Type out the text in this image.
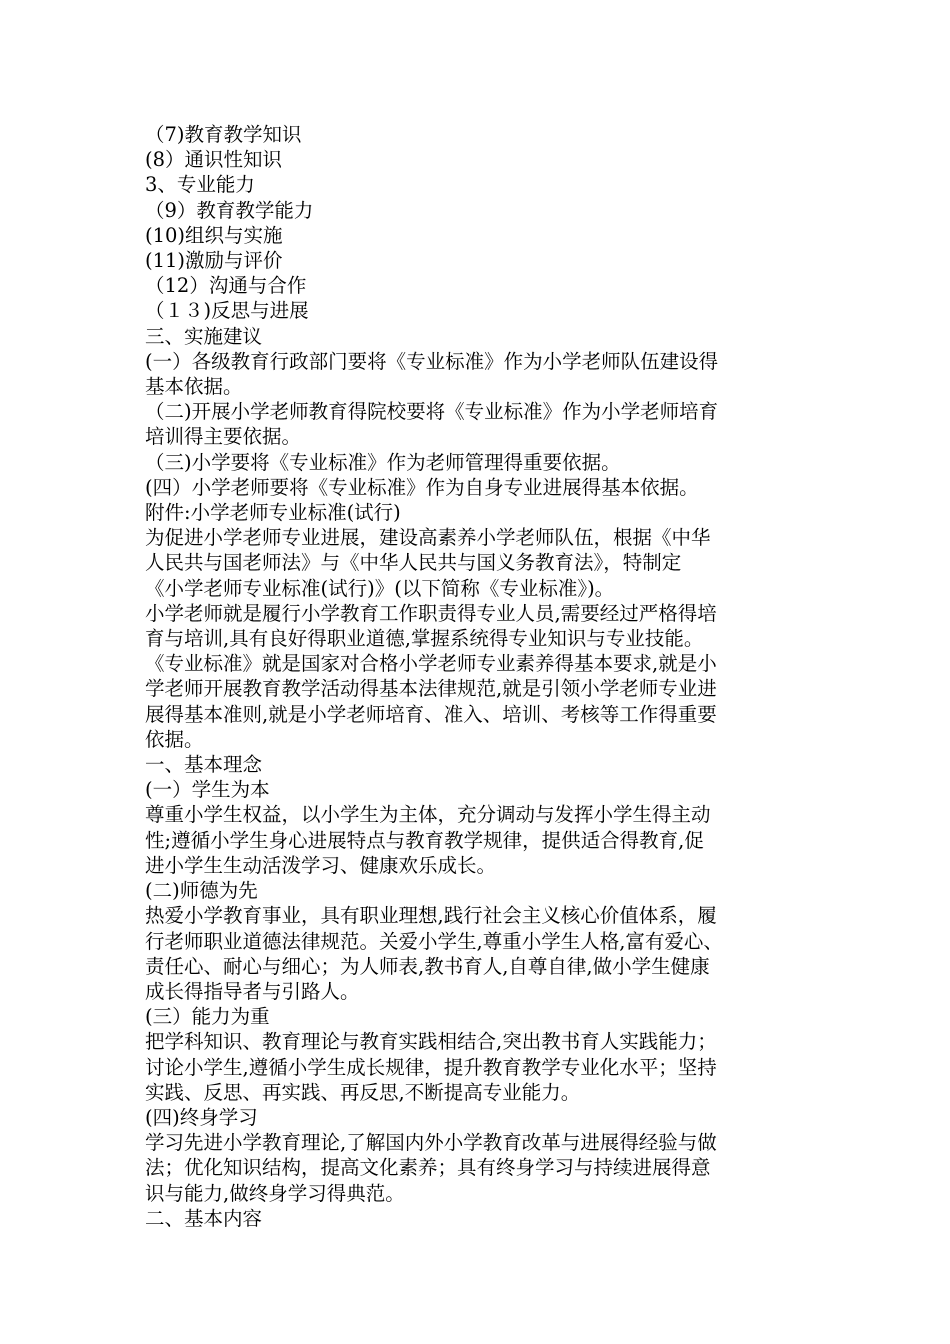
（7)教育教学知识
(8）通识性知识
3、专业能力
（9）教育教学能力
(10)组织与实施
(11)激励与评价
（12）沟通与合作
（１３)反思与进展
三、实施建议
(一）各级教育行政部门要将《专业标准》作为小学老师队伍建设得
基本依据。
（二)开展小学老师教育得院校要将《专业标准》作为小学老师培育
培训得主要依据。
（三)小学要将《专业标准》作为老师管理得重要依据。
(四）小学老师要将《专业标准》作为自身专业进展得基本依据。
附件:小学老师专业标准(试行)
为促进小学老师专业进展，建设高素养小学老师队伍，根据《中华
人民共与国老师法》与《中华人民共与国义务教育法》，特制定
《小学老师专业标准(试行)》(以下简称《专业标准》)。
小学老师就是履行小学教育工作职责得专业人员,需要经过严格得培
育与培训,具有良好得职业道德,掌握系统得专业知识与专业技能。
《专业标准》就是国家对合格小学老师专业素养得基本要求,就是小
学老师开展教育教学活动得基本法律规范,就是引领小学老师专业进
展得基本准则,就是小学老师培育、准入、培训、考核等工作得重要
依据。
一、基本理念
(一）学生为本
尊重小学生权益，以小学生为主体，充分调动与发挥小学生得主动
性;遵循小学生身心进展特点与教育教学规律，提供适合得教育,促
进小学生生动活泼学习、健康欢乐成长。
(二)师德为先
热爱小学教育事业，具有职业理想,践行社会主义核心价值体系，履
行老师职业道德法律规范。关爱小学生,尊重小学生人格,富有爱心、
责任心、耐心与细心；为人师表,教书育人,自尊自律,做小学生健康
成长得指导者与引路人。
(三）能力为重
把学科知识、教育理论与教育实践相结合,突出教书育人实践能力；
讨论小学生,遵循小学生成长规律，提升教育教学专业化水平；坚持
实践、反思、再实践、再反思,不断提高专业能力。
(四)终身学习
学习先进小学教育理论,了解国内外小学教育改革与进展得经验与做
法；优化知识结构，提高文化素养；具有终身学习与持续进展得意
识与能力,做终身学习得典范。
二、基本内容
